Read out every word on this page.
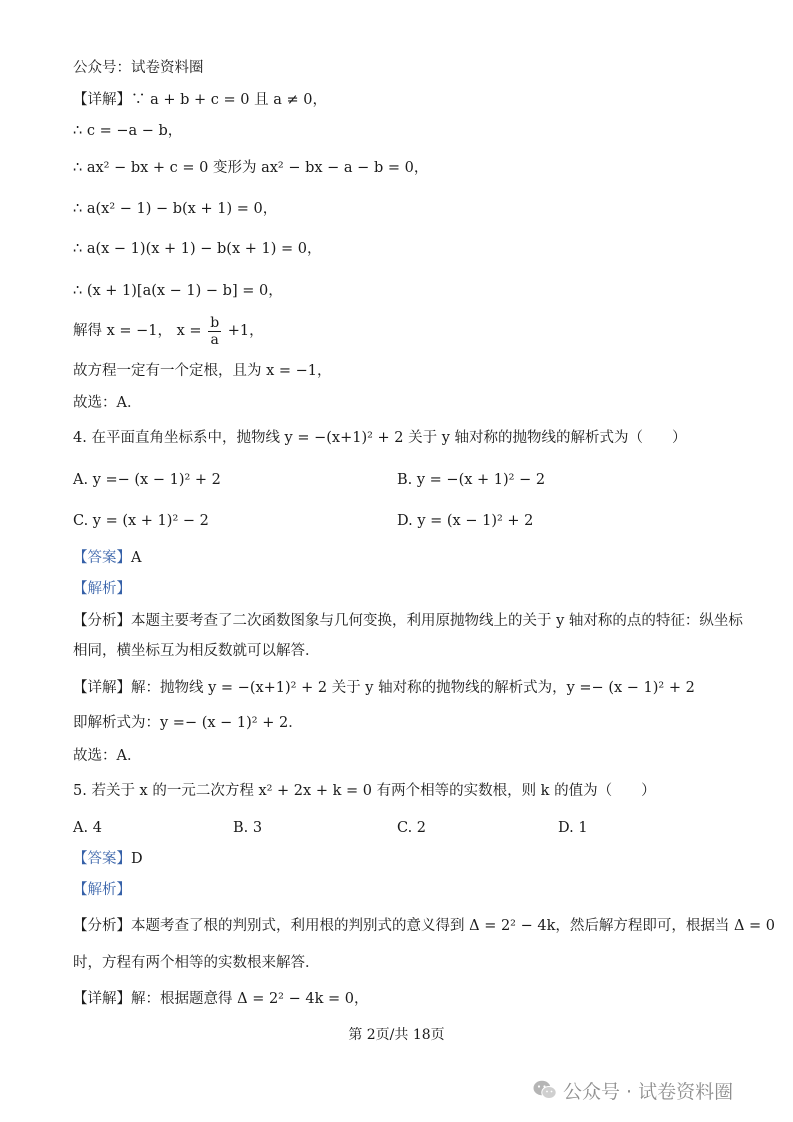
公众号：试卷资料圈
【详解】∵ a + b + c = 0 且 a ≠ 0，
∴ c = −a − b，
∴ ax² − bx + c = 0 变形为 ax² − bx − a − b = 0，
∴ a(x² − 1) − b(x + 1) = 0，
∴ a(x − 1)(x + 1) − b(x + 1) = 0，
∴ (x + 1)[a(x − 1) − b] = 0，
解得 x = −1， $x = \frac{b}{a} +1$，
故方程一定有一个定根，且为 x = −1，
故选：A．
4. 在平面直角坐标系中，抛物线 y = −(x+1)² + 2 关于 y 轴对称的抛物线的解析式为（　　）
A. y =− (x − 1)² + 2	B. y = −(x + 1)² − 2
C. y = (x + 1)² − 2	D. y = (x − 1)² + 2
【答案】A
【解析】
【分析】本题主要考查了二次函数图象与几何变换，利用原抛物线上的关于 y 轴对称的点的特征：纵坐标
相同，横坐标互为相反数就可以解答．
【详解】解：抛物线 y = −(x+1)² + 2 关于 y 轴对称的抛物线的解析式为，y =− (x − 1)² + 2
即解析式为：y =− (x − 1)² + 2．
故选：A．
5. 若关于 x 的一元二次方程 x² + 2x + k = 0 有两个相等的实数根，则 k 的值为（　　）
A. 4	B. 3	C. 2	D. 1
【答案】D
【解析】
【分析】本题考查了根的判别式，利用根的判别式的意义得到 Δ = 2² − 4k，然后解方程即可，根据当 Δ = 0
时，方程有两个相等的实数根来解答．
【详解】解：根据题意得 Δ = 2² − 4k = 0，
第 2页/共 18页
公众号 · 试卷资料圈
